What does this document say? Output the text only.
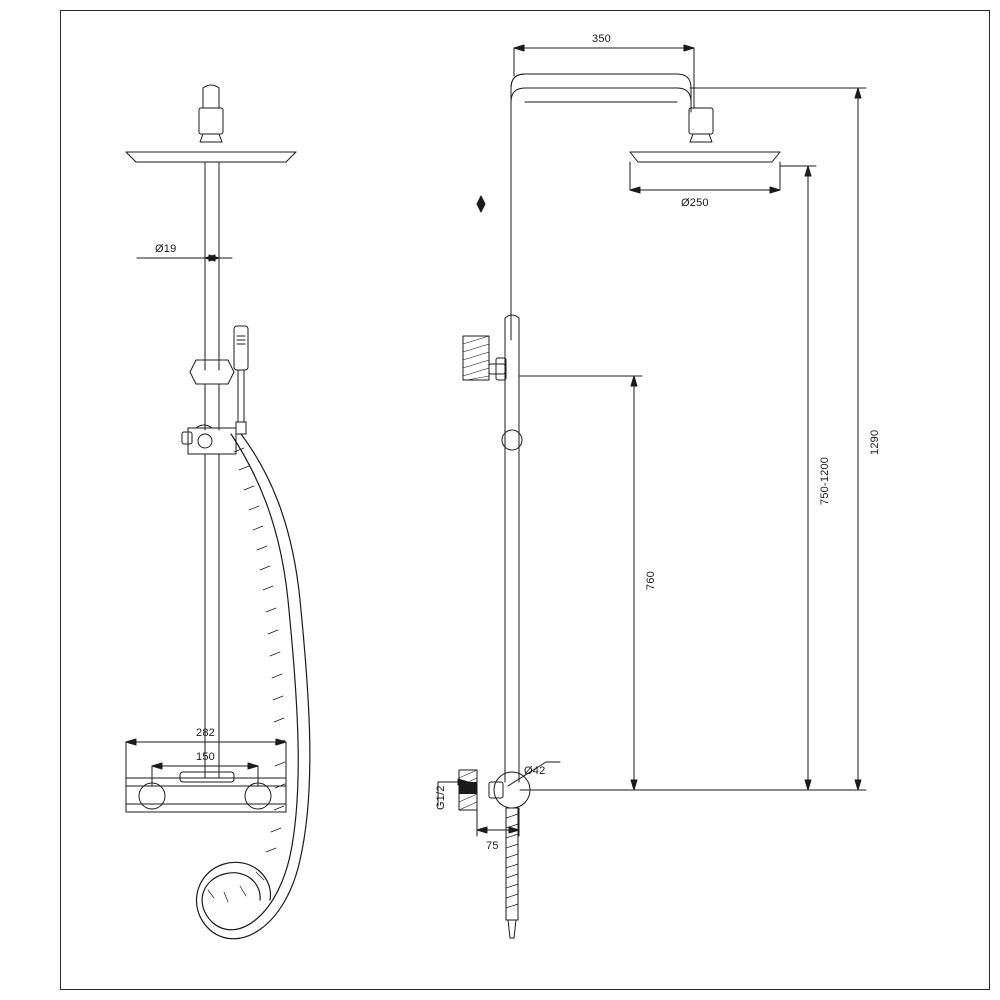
Ø19
282
150
350
Ø250
1290
750-1200
760
75
Ø42
G1/2
